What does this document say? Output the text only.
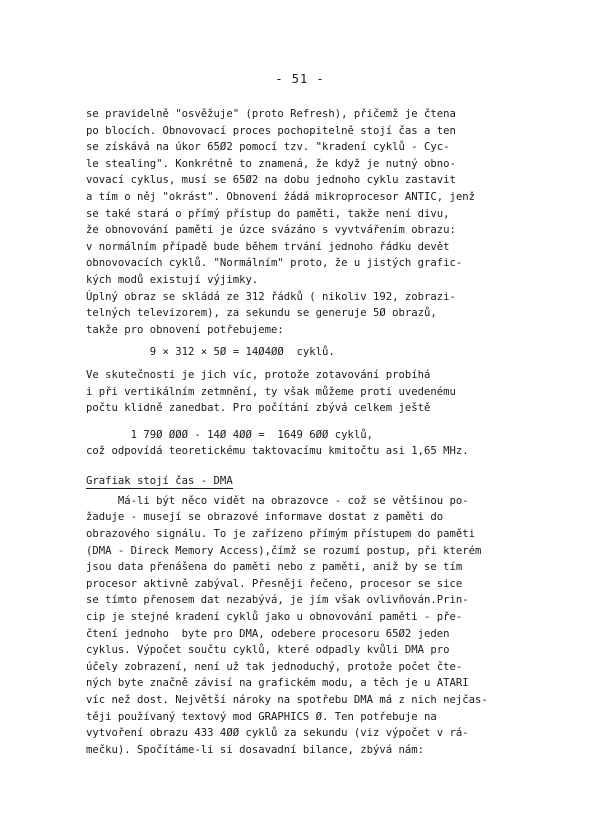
- 51 -
se pravidelně "osvěžuje" (proto Refresh), přičemž je čtena
po blocích. Obnovovací proces pochopitelně stojí čas a ten
se získává na úkor 65Ø2 pomocí tzv. "kradení cyklů - Cyc-
le stealing". Konkrétně to znamená, že když je nutný obno-
vovací cyklus, musí se 65Ø2 na dobu jednoho cyklu zastavit
a tím o něj "okrást". Obnovení žádá mikroprocesor ANTIC, jenž
se také stará o přímý přístup do paměti, takže není divu,
že obnovování paměti je úzce svázáno s vyvtvářením obrazu:
v normálním případě bude během trvání jednoho řádku devět
obnovovacích cyklů. "Normálním" proto, že u jistých grafic-
kých modů existují výjimky.
Úplný obraz se skládá ze 312 řádků ( nikoliv 192, zobrazi-
telných televizorem), za sekundu se generuje 5Ø obrazů,
takže pro obnovení potřebujeme:
9 × 312 × 5Ø = 14Ø4ØØ  cyklů.
Ve skutečnosti je jich víc, protože zotavování probíhá
i při vertikálním zetmnění, ty však můžeme proti uvedenému
počtu klidně zanedbat. Pro počítání zbývá celkem ještě
1 79Ø ØØØ - 14Ø 4ØØ =  1649 6ØØ cyklů,
což odpovídá teoretickému taktovacímu kmitočtu asi 1,65 MHz.
Grafiak stojí čas - DMA
Má-li být něco vidět na obrazovce - což se většinou po-
žaduje - musejí se obrazové informave dostat z paměti do
obrazového signálu. To je zařízeno přímým přístupem do paměti
(DMA - Direck Memory Access),čímž se rozumí postup, při kterém
jsou data přenášena do paměti nebo z paměti, aniž by se tím
procesor aktivně zabýval. Přesněji řečeno, procesor se sice
se tímto přenosem dat nezabývá, je jím však ovlivňován.Prin-
cip je stejné kradení cyklů jako u obnovování paměti - pře-
čtení jednoho  byte pro DMA, odebere procesoru 65Ø2 jeden
cyklus. Výpočet součtu cyklů, které odpadly kvůli DMA pro
účely zobrazení, není už tak jednoduchý, protože počet čte-
ných byte značně závisí na grafickém modu, a těch je u ATARI
víc než dost. Největší nároky na spotřebu DMA má z nich nejčas-
těji používaný textový mod GRAPHICS Ø. Ten potřebuje na
vytvoření obrazu 433 4ØØ cyklů za sekundu (viz výpočet v rá-
mečku). Spočítáme-li si dosavadní bilance, zbývá nám:
